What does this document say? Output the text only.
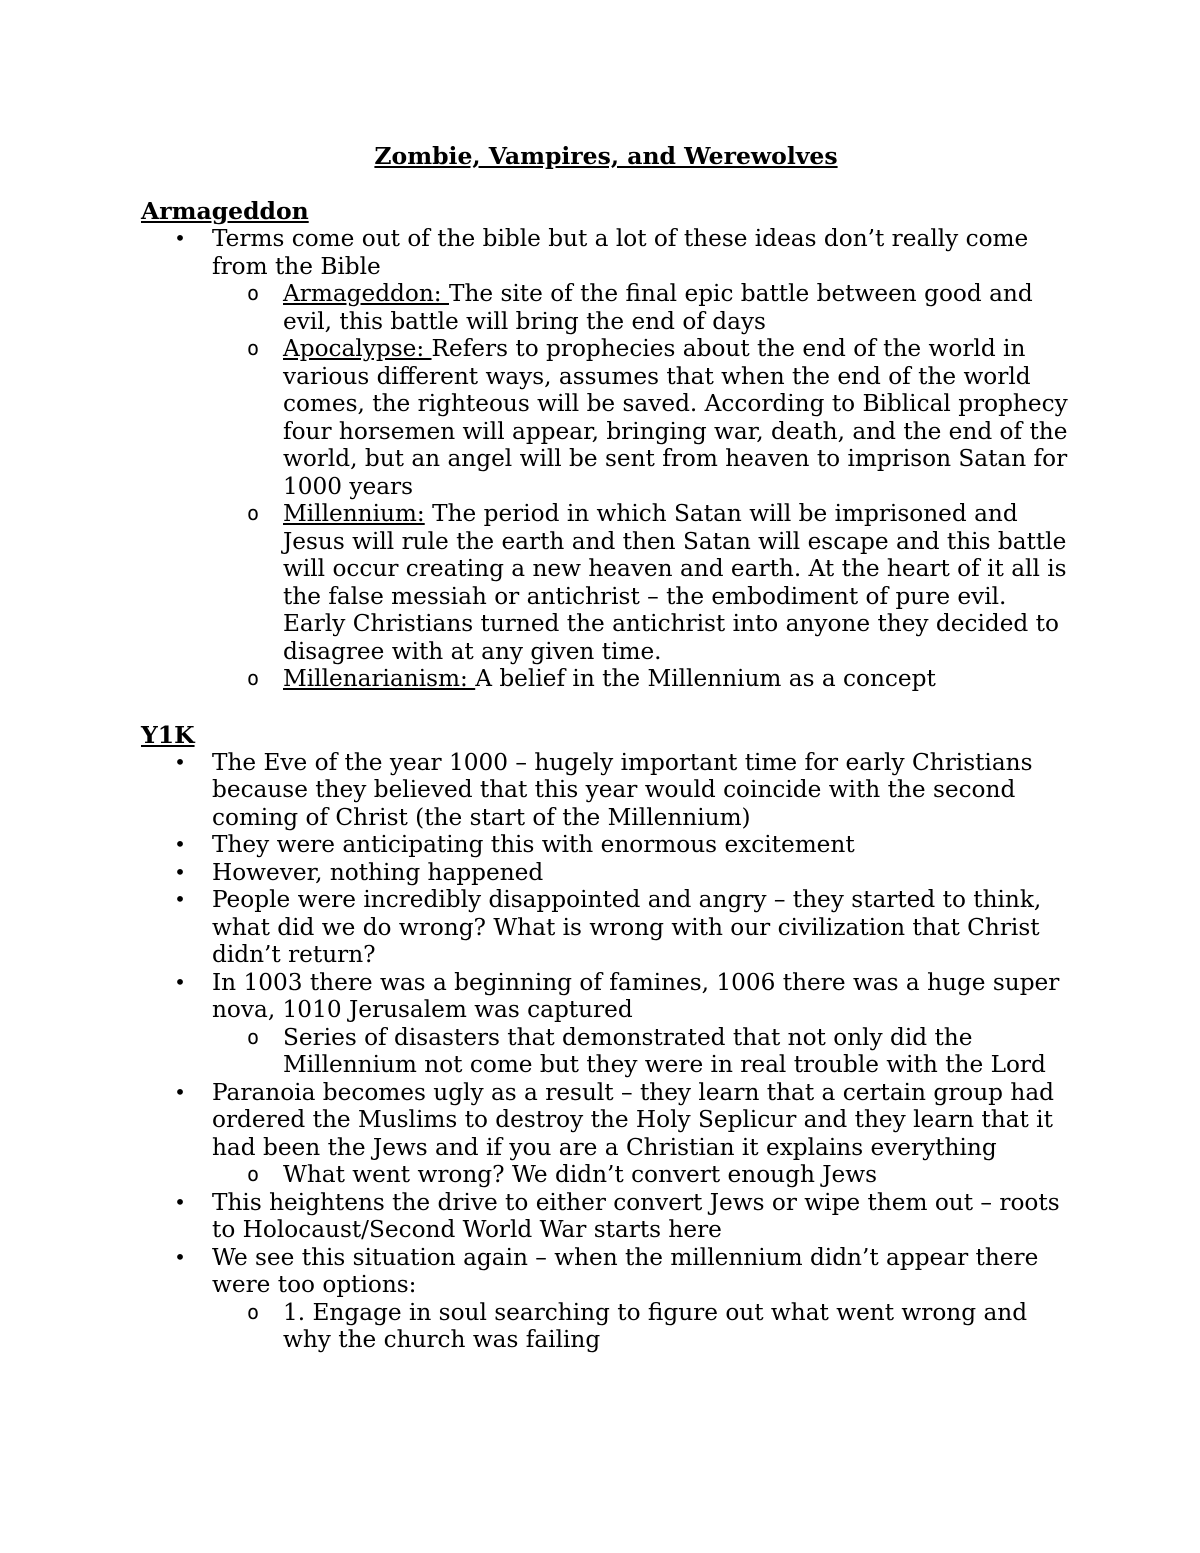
Zombie, Vampires, and Werewolves
Armageddon
• Terms come out of the bible but a lot of these ideas don’t really come from the Bible
o Armageddon: The site of the final epic battle between good and evil, this battle will bring the end of days
o Apocalypse: Refers to prophecies about the end of the world in various different ways, assumes that when the end of the world comes, the righteous will be saved. According to Biblical prophecy four horsemen will appear, bringing war, death, and the end of the world, but an angel will be sent from heaven to imprison Satan for 1000 years
o Millennium: The period in which Satan will be imprisoned and Jesus will rule the earth and then Satan will escape and this battle will occur creating a new heaven and earth. At the heart of it all is the false messiah or antichrist – the embodiment of pure evil. Early Christians turned the antichrist into anyone they decided to disagree with at any given time.
o Millenarianism: A belief in the Millennium as a concept
Y1K
• The Eve of the year 1000 – hugely important time for early Christians because they believed that this year would coincide with the second coming of Christ (the start of the Millennium)
• They were anticipating this with enormous excitement
• However, nothing happened
• People were incredibly disappointed and angry – they started to think, what did we do wrong? What is wrong with our civilization that Christ didn’t return?
• In 1003 there was a beginning of famines, 1006 there was a huge super nova, 1010 Jerusalem was captured
o Series of disasters that demonstrated that not only did the Millennium not come but they were in real trouble with the Lord
• Paranoia becomes ugly as a result – they learn that a certain group had ordered the Muslims to destroy the Holy Seplicur and they learn that it had been the Jews and if you are a Christian it explains everything
o What went wrong? We didn’t convert enough Jews
• This heightens the drive to either convert Jews or wipe them out – roots to Holocaust/Second World War starts here
• We see this situation again – when the millennium didn’t appear there were too options:
o 1. Engage in soul searching to figure out what went wrong and why the church was failing
